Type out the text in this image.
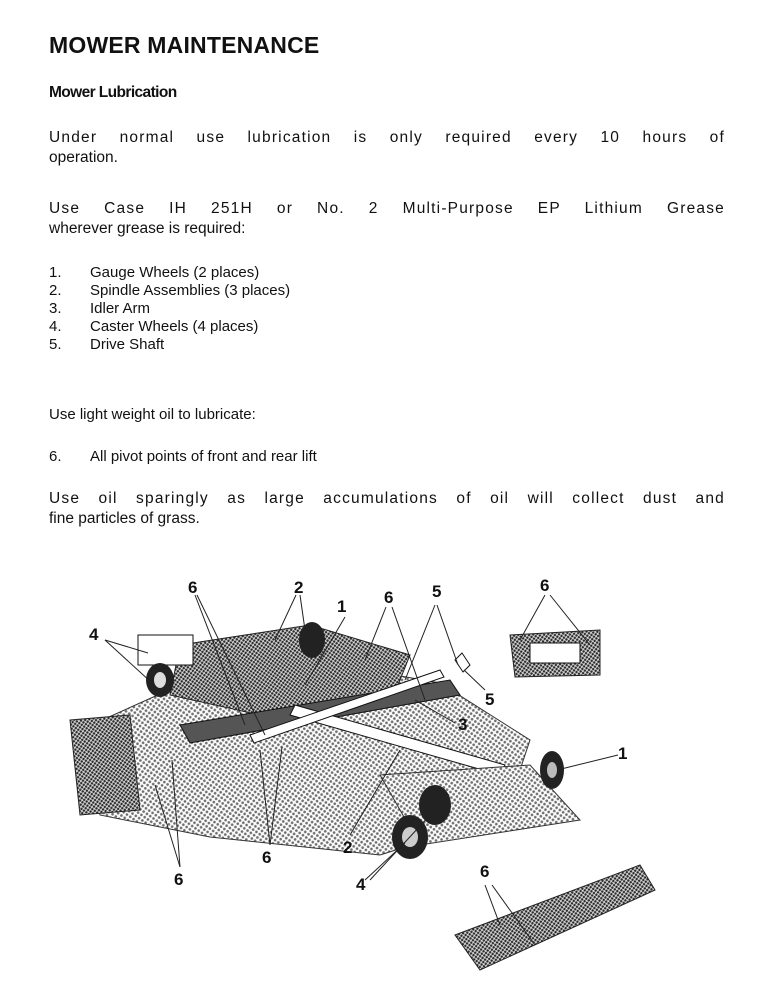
MOWER MAINTENANCE
Mower Lubrication

Under normal use lubrication is only required every 10 hours of
operation.

Use Case IH 251H or No. 2 Multi-Purpose EP Lithium Grease
wherever grease is required:

1.	Gauge Wheels (2 places)
2.	Spindle Assemblies (3 places)
3.	Idler Arm
4.	Caster Wheels (4 places)
5.	Drive Shaft

Use light weight oil to lubricate:

6.	All pivot points of front and rear lift

Use oil sparingly as large accumulations of oil will collect dust and
fine particles of grass.

6	2
1 6 5	6
4
5
3
1
6
2
6	4
6
